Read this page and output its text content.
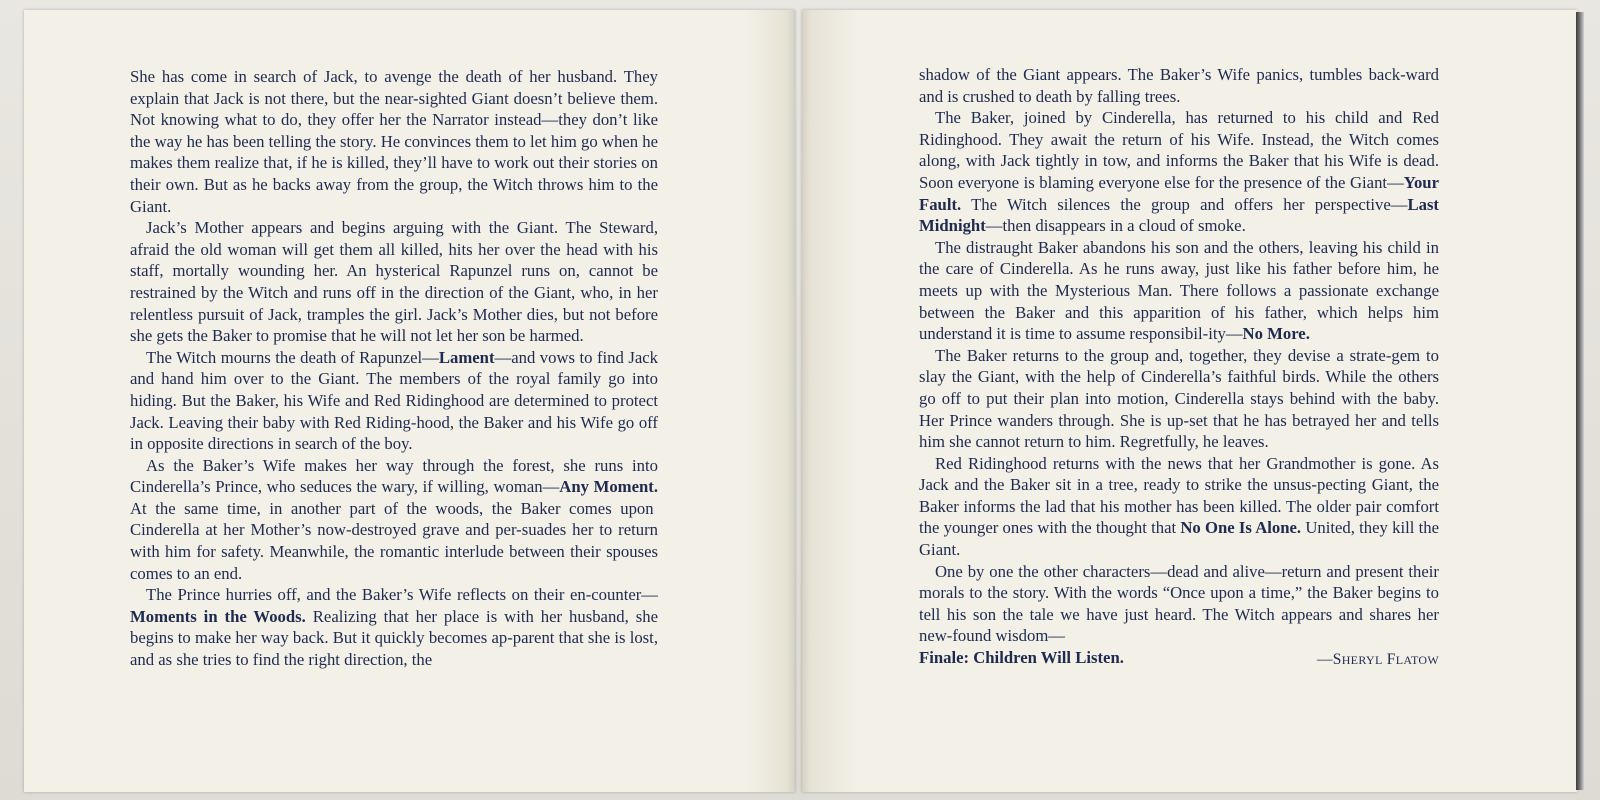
She has come in search of Jack, to avenge the death of her husband. They explain that Jack is not there, but the near-sighted Giant doesn’t believe them. Not knowing what to do, they offer her the Narrator instead—they don’t like the way he has been telling the story. He convinces them to let him go when he makes them realize that, if he is killed, they’ll have to work out their stories on their own. But as he backs away from the group, the Witch throws him to the Giant.

Jack’s Mother appears and begins arguing with the Giant. The Steward, afraid the old woman will get them all killed, hits her over the head with his staff, mortally wounding her. An hysterical Rapunzel runs on, cannot be restrained by the Witch and runs off in the direction of the Giant, who, in her relentless pursuit of Jack, tramples the girl. Jack’s Mother dies, but not before she gets the Baker to promise that he will not let her son be harmed.

The Witch mourns the death of Rapunzel—Lament—and vows to find Jack and hand him over to the Giant. The members of the royal family go into hiding. But the Baker, his Wife and Red Ridinghood are determined to protect Jack. Leaving their baby with Red Riding-hood, the Baker and his Wife go off in opposite directions in search of the boy.

As the Baker’s Wife makes her way through the forest, she runs into Cinderella’s Prince, who seduces the wary, if willing, woman—Any Moment. At the same time, in another part of the woods, the Baker comes upon Cinderella at her Mother’s now-destroyed grave and per-suades her to return with him for safety. Meanwhile, the romantic interlude between their spouses comes to an end.

The Prince hurries off, and the Baker’s Wife reflects on their en-counter—Moments in the Woods. Realizing that her place is with her husband, she begins to make her way back. But it quickly becomes ap-parent that she is lost, and as she tries to find the right direction, the

shadow of the Giant appears. The Baker’s Wife panics, tumbles back-ward and is crushed to death by falling trees.

The Baker, joined by Cinderella, has returned to his child and Red Ridinghood. They await the return of his Wife. Instead, the Witch comes along, with Jack tightly in tow, and informs the Baker that his Wife is dead. Soon everyone is blaming everyone else for the presence of the Giant—Your Fault. The Witch silences the group and offers her perspective—Last Midnight—then disappears in a cloud of smoke.

The distraught Baker abandons his son and the others, leaving his child in the care of Cinderella. As he runs away, just like his father before him, he meets up with the Mysterious Man. There follows a passionate exchange between the Baker and this apparition of his father, which helps him understand it is time to assume responsibil-ity—No More.

The Baker returns to the group and, together, they devise a strate-gem to slay the Giant, with the help of Cinderella’s faithful birds. While the others go off to put their plan into motion, Cinderella stays behind with the baby. Her Prince wanders through. She is up-set that he has betrayed her and tells him she cannot return to him. Regretfully, he leaves.

Red Ridinghood returns with the news that her Grandmother is gone. As Jack and the Baker sit in a tree, ready to strike the unsus-pecting Giant, the Baker informs the lad that his mother has been killed. The older pair comfort the younger ones with the thought that No One Is Alone. United, they kill the Giant.

One by one the other characters—dead and alive—return and present their morals to the story. With the words “Once upon a time,” the Baker begins to tell his son the tale we have just heard. The Witch appears and shares her new-found wisdom—

Finale: Children Will Listen.	—SHERYL FLATOW
